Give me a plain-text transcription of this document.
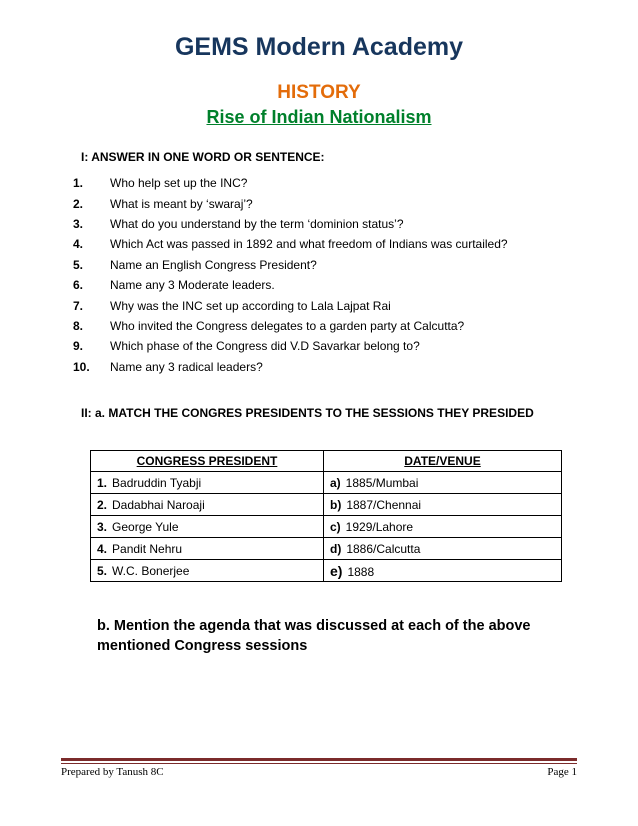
GEMS Modern Academy
HISTORY
Rise of Indian Nationalism
I: ANSWER IN ONE WORD OR SENTENCE:
1.	Who help set up the INC?
2.	What is meant by ‘swaraj’?
3.	What do you understand by the term ‘dominion status’?
4.	Which Act was passed in 1892 and what freedom of Indians was curtailed?
5.	Name an English Congress President?
6.	Name any 3 Moderate leaders.
7.	Why was the INC set up according to Lala Lajpat Rai
8.	Who invited the Congress delegates to a garden party at Calcutta?
9.	Which phase of the Congress did V.D Savarkar belong to?
10.	Name any 3 radical leaders?
II: a. MATCH THE CONGRES PRESIDENTS TO THE SESSIONS THEY PRESIDED
CONGRESS PRESIDENT	DATE/VENUE
1. Badruddin Tyabji	a) 1885/Mumbai
2. Dadabhai Naroaji	b) 1887/Chennai
3. George Yule	c) 1929/Lahore
4. Pandit Nehru	d) 1886/Calcutta
5. W.C. Bonerjee	e) 1888
b. Mention the agenda that was discussed at each of the above mentioned Congress sessions
Prepared by Tanush 8C	Page 1
